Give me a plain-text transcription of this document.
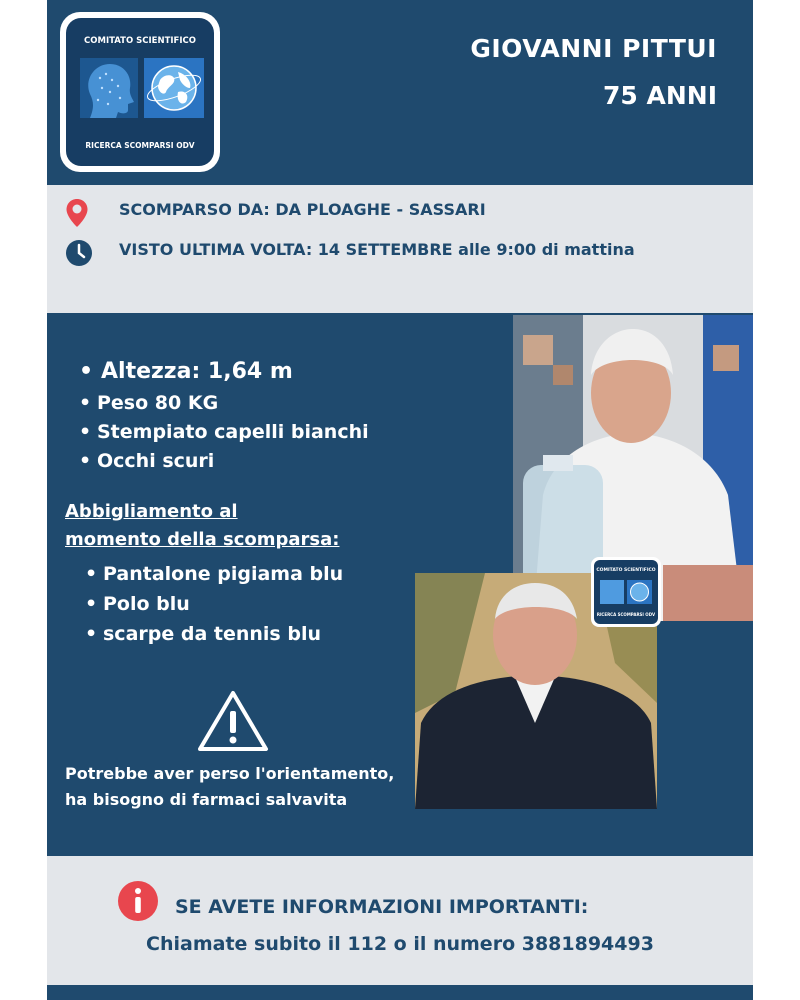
COMITATO SCIENTIFICO
RICERCA SCOMPARSI ODV
GIOVANNI PITTUI
75 ANNI
SCOMPARSO DA: DA PLOAGHE - SASSARI
VISTO ULTIMA VOLTA: 14 SETTEMBRE alle 9:00 di mattina
• Altezza: 1,64 m
• Peso 80 KG
• Stempiato capelli bianchi
• Occhi scuri
Abbigliamento al
momento della scomparsa:
• Pantalone pigiama blu
• Polo blu
• scarpe da tennis blu
Potrebbe aver perso l'orientamento,
ha bisogno di farmaci salvavita
COMITATO SCIENTIFICO
RICERCA SCOMPARSI ODV
SE AVETE INFORMAZIONI IMPORTANTI:
Chiamate subito il 112 o il numero 3881894493
